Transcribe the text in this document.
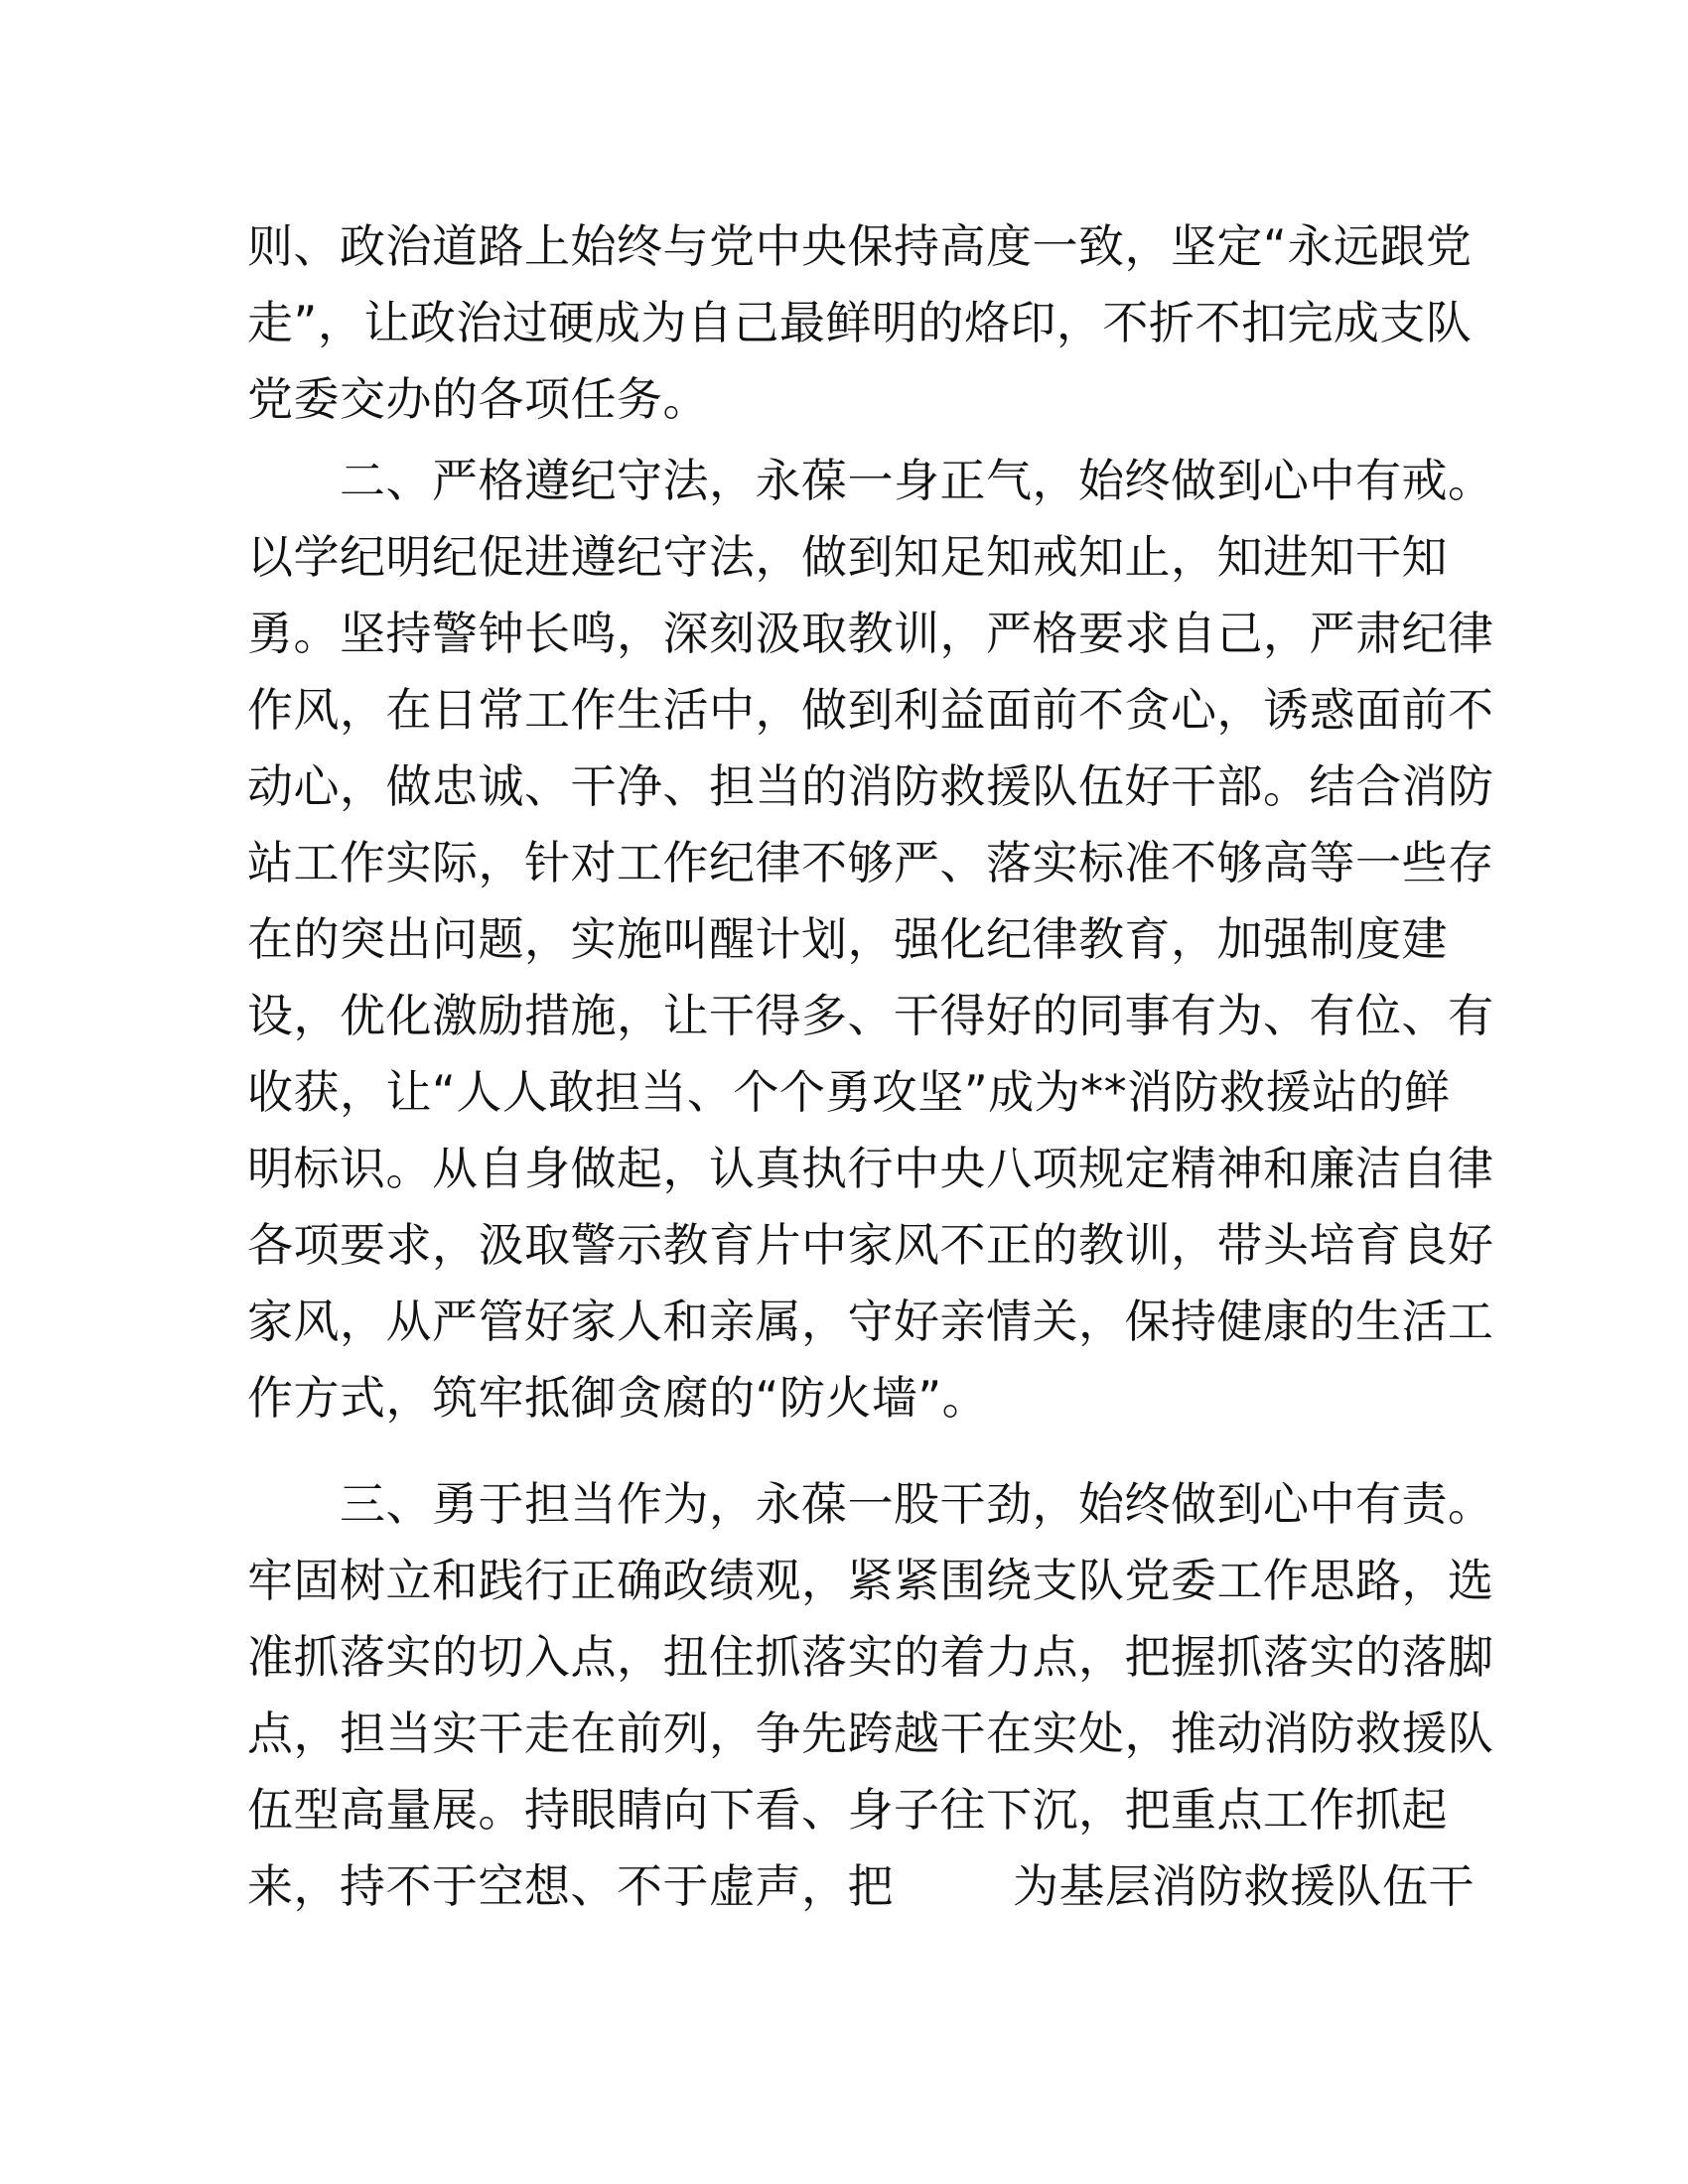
则、政治道路上始终与党中央保持高度一致，坚定“永远跟党
走”，让政治过硬成为自己最鲜明的烙印，不折不扣完成支队
党委交办的各项任务。
　　二、严格遵纪守法，永葆一身正气，始终做到心中有戒。
以学纪明纪促进遵纪守法，做到知足知戒知止，知进知干知
勇。坚持警钟长鸣，深刻汲取教训，严格要求自己，严肃纪律
作风，在日常工作生活中，做到利益面前不贪心，诱惑面前不
动心，做忠诚、干净、担当的消防救援队伍好干部。结合消防
站工作实际，针对工作纪律不够严、落实标准不够高等一些存
在的突出问题，实施叫醒计划，强化纪律教育，加强制度建
设，优化激励措施，让干得多、干得好的同事有为、有位、有
收获，让“人人敢担当、个个勇攻坚”成为**消防救援站的鲜
明标识。从自身做起，认真执行中央八项规定精神和廉洁自律
各项要求，汲取警示教育片中家风不正的教训，带头培育良好
家风，从严管好家人和亲属，守好亲情关，保持健康的生活工
作方式，筑牢抵御贪腐的“防火墙”。
　　三、勇于担当作为，永葆一股干劲，始终做到心中有责。
牢固树立和践行正确政绩观，紧紧围绕支队党委工作思路，选
准抓落实的切入点，扭住抓落实的着力点，把握抓落实的落脚
点，担当实干走在前列，争先跨越干在实处，推动消防救援队
伍型高量展。持眼睛向下看、身子往下沉，把重点工作抓起
来，持不于空想、不于虚声，把	为基层消防救援队伍干
